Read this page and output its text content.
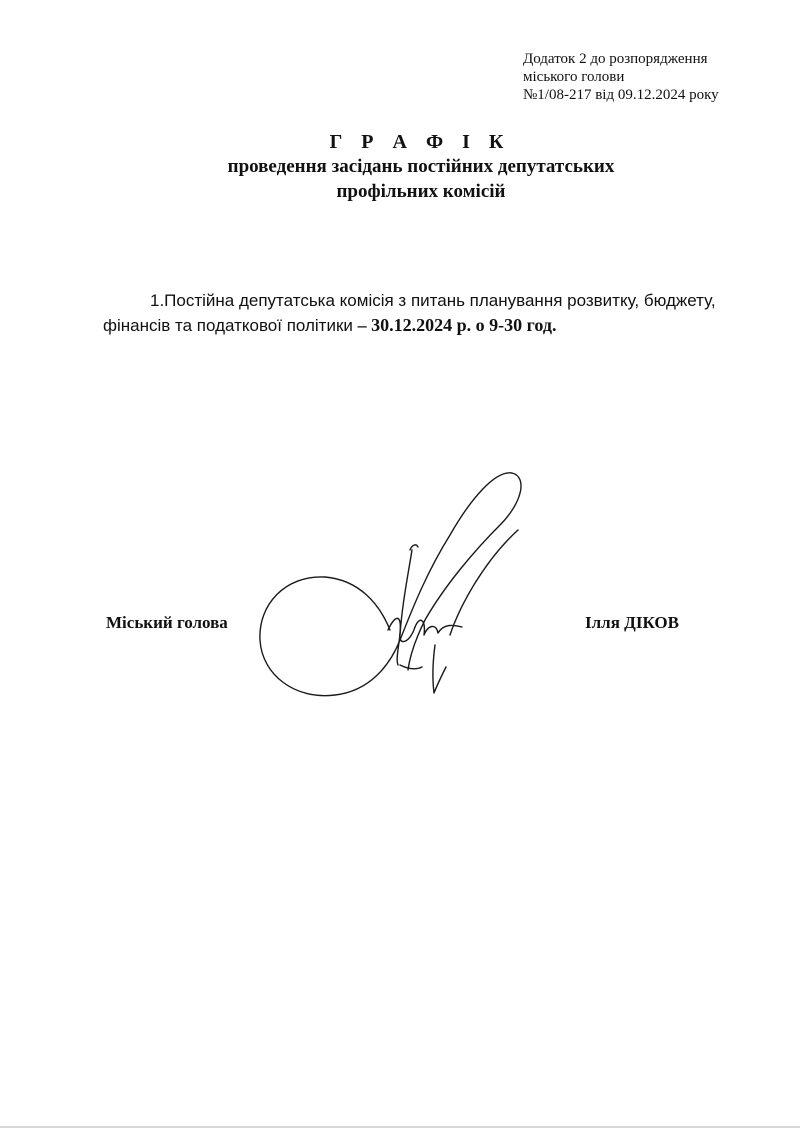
Додаток 2 до розпорядження
міського голови
№1/08-217 від 09.12.2024 року
Г Р А Ф І К
проведення засідань постійних депутатських
профільних комісій
1.Постійна депутатська комісія з питань планування розвитку, бюджету,
фінансів та податкової політики – 30.12.2024 р. о 9-30 год.
Міський голова	Ілля ДІКОВ
